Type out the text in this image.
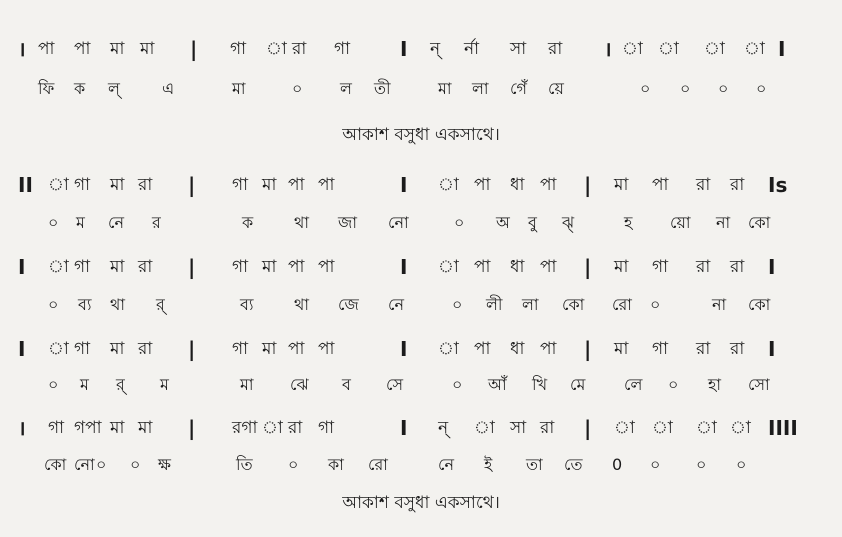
। পা পা মা মা | গা া রা গা I ন্ র্না সা রা । া া া া I
ফি ক ল্	এ	মা	০ ল তী	মা লা গেঁ য়ে	০ ০ ০ ০
আকাশ বসুধা একসাথে।
II া গা মা রা | গা মা পা পা	I া পা ধা পা | মা পা রা রা Is
০ ম নে র	ক	থা জা নো	০ অ বু ঝ্	হ য়ো না কো
I া গা মা রা | গা মা পা পা	I া পা ধা পা | মা গা রা রা I
০ ব্য থা র্	ব্য	থা জে নে	০ লী লা কো রো ০	না কো
I া গা মা রা | গা মা পা পা	I া পা ধা পা | মা গা রা রা I
০ ম র্ ম	মা ঝে ব সে	০ আঁ খি মে লে ০ হা সো
। গা গপা মা মা | রগা া রা গা	I ন্ া সা রা | া া া া IIII
কো নো ০ ০ ক্ষ	তি ০ কা রো	নে ই তা তে 0 ০ ০ ০
আকাশ বসুধা একসাথে।
